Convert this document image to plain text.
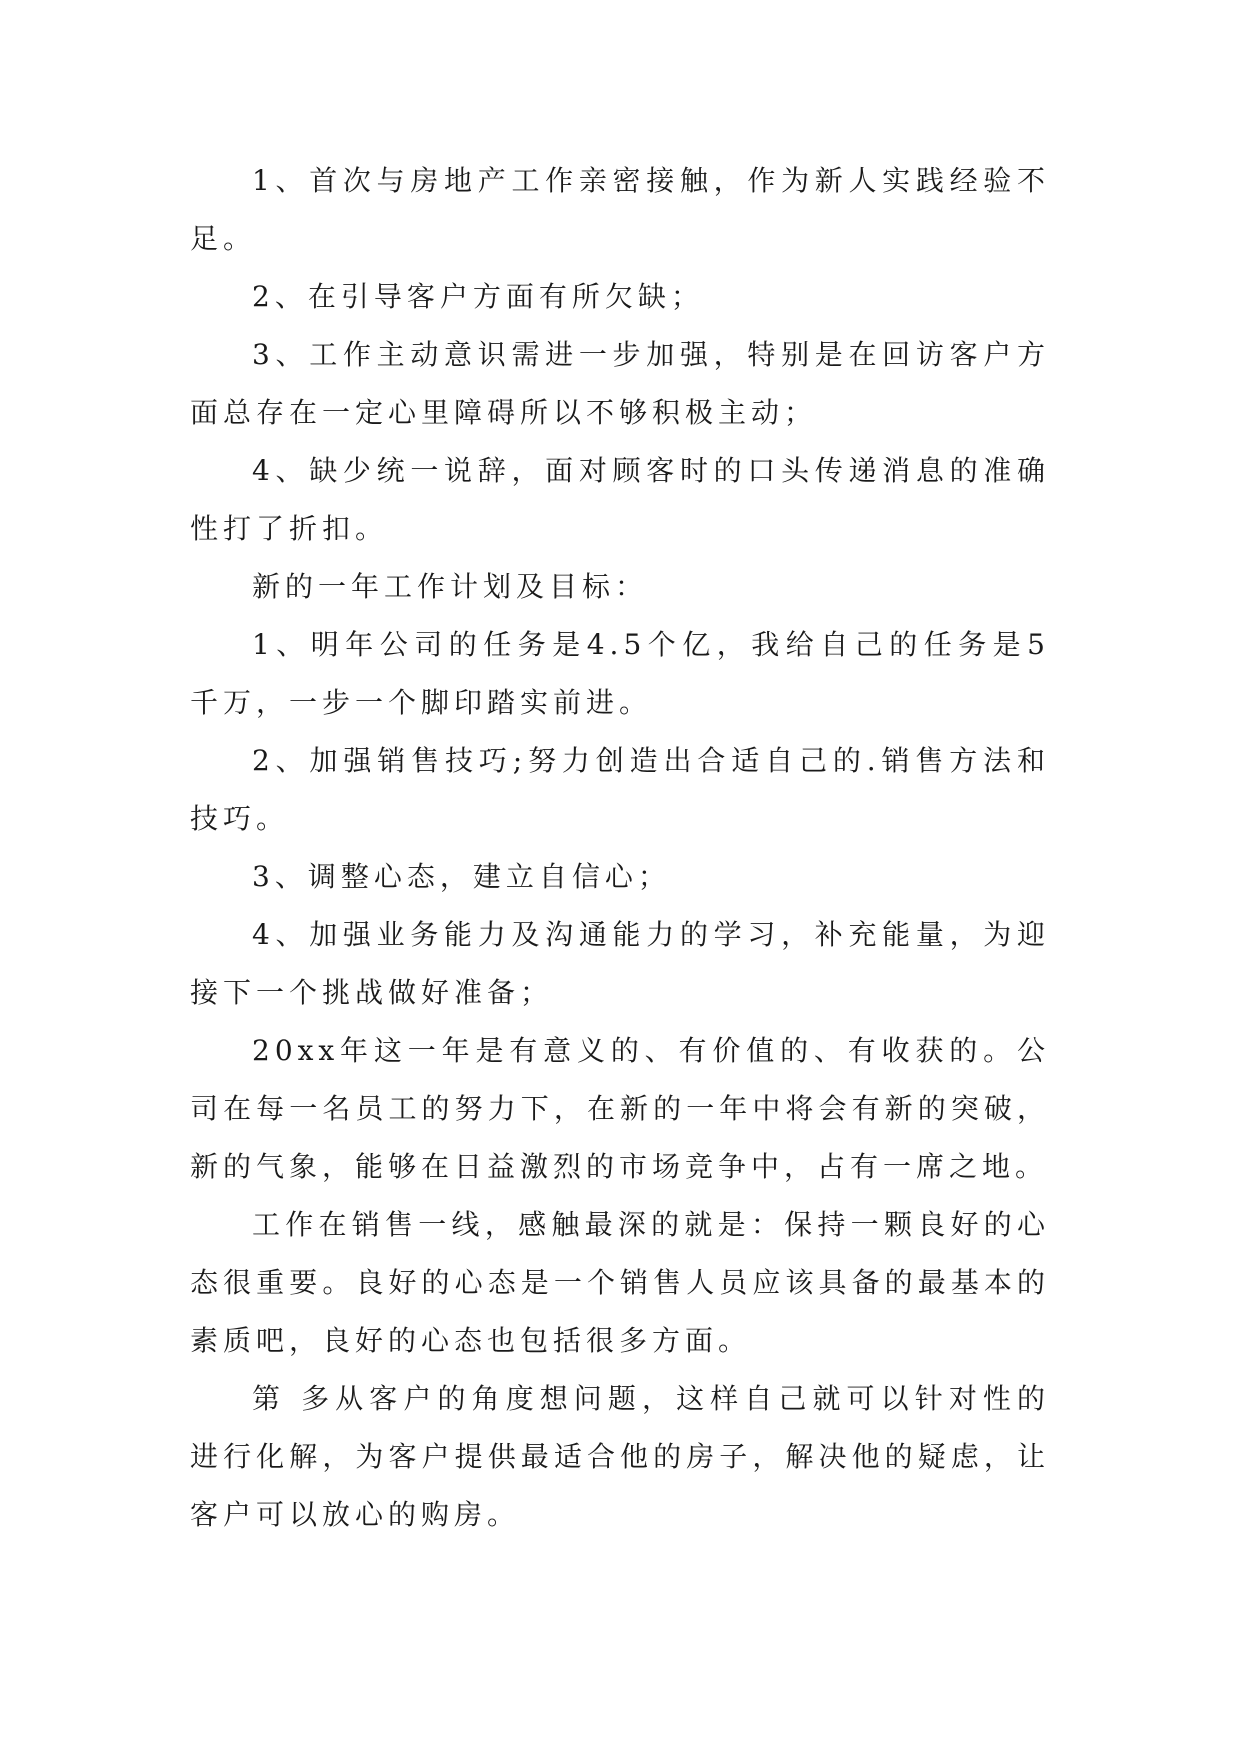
1、首次与房地产工作亲密接触，作为新人实践经验不足。

2、在引导客户方面有所欠缺；

3、工作主动意识需进一步加强，特别是在回访客户方面总存在一定心里障碍所以不够积极主动；

4、缺少统一说辞，面对顾客时的口头传递消息的准确性打了折扣。

新的一年工作计划及目标：

1、明年公司的任务是4.5个亿，我给自己的任务是5千万，一步一个脚印踏实前进。

2、加强销售技巧;努力创造出合适自己的.销售方法和技巧。

3、调整心态，建立自信心；

4、加强业务能力及沟通能力的学习，补充能量，为迎接下一个挑战做好准备；

20xx年这一年是有意义的、有价值的、有收获的。公司在每一名员工的努力下，在新的一年中将会有新的突破，新的气象，能够在日益激烈的市场竞争中，占有一席之地。

工作在销售一线，感触最深的就是：保持一颗良好的心态很重要。良好的心态是一个销售人员应该具备的最基本的素质吧，良好的心态也包括很多方面。

第 多从客户的角度想问题，这样自己就可以针对性的进行化解，为客户提供最适合他的房子，解决他的疑虑，让客户可以放心的购房。
